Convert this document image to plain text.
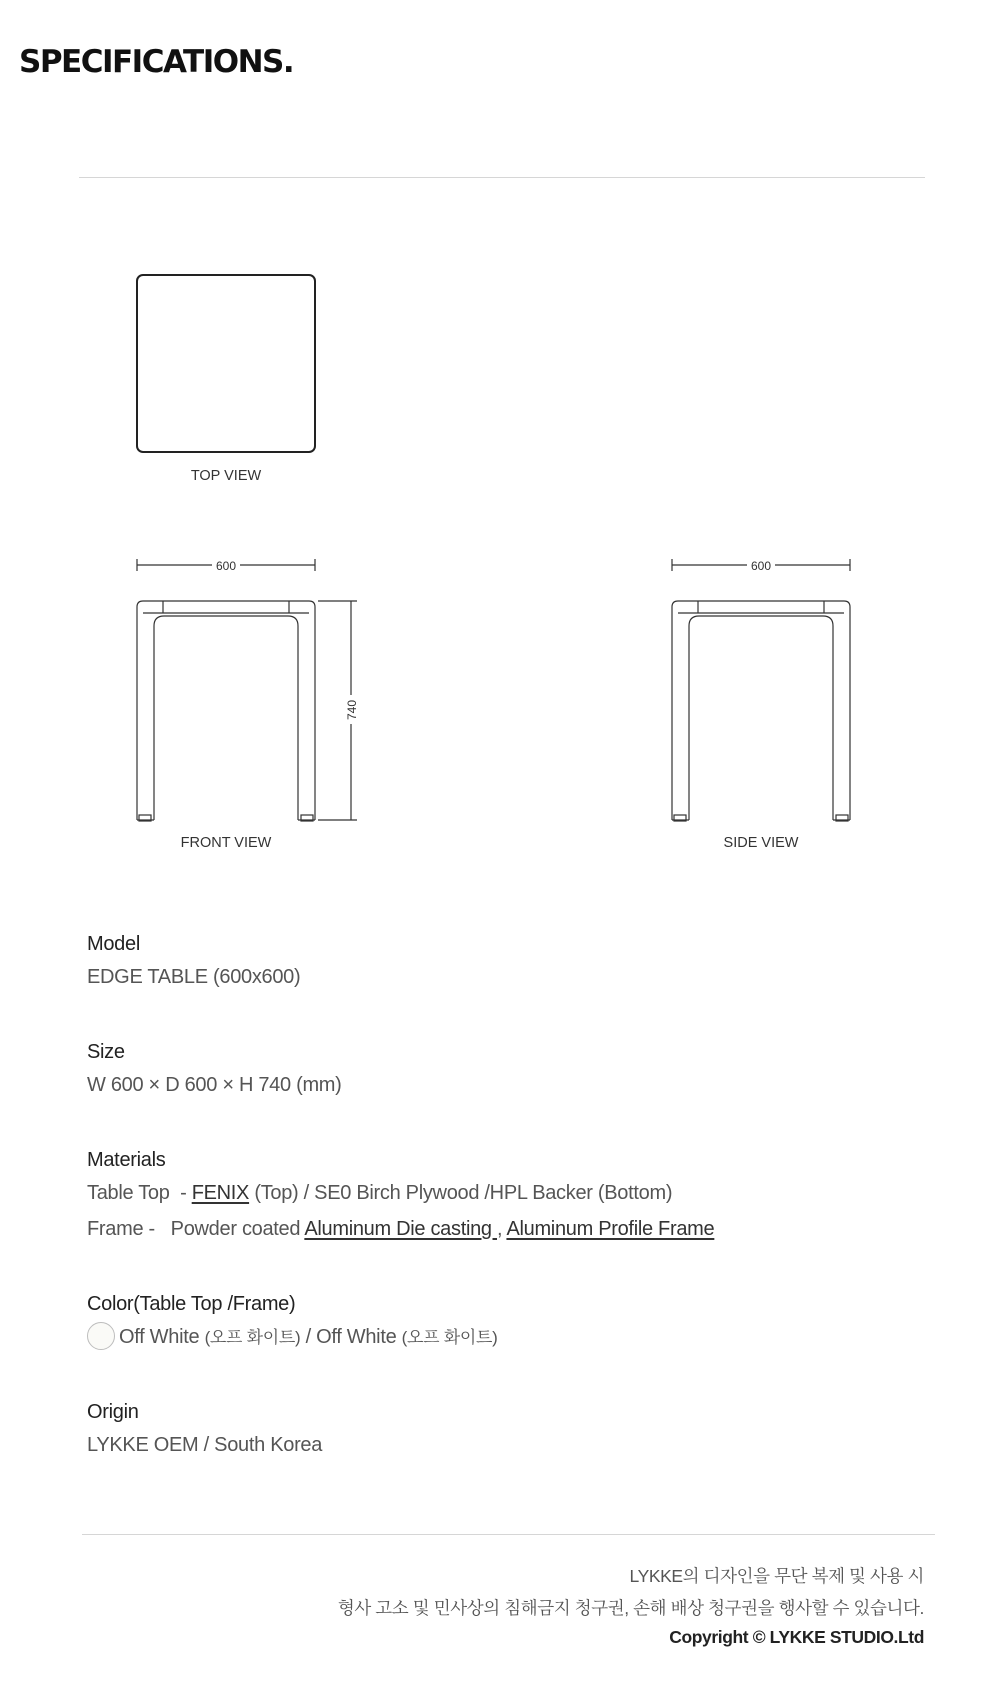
SPECIFICATIONS.
TOP VIEW
600
740
FRONT VIEW
600
SIDE VIEW
Model
EDGE TABLE (600x600)
Size
W 600 × D 600 × H 740 (mm)
Materials
Table Top  - FENIX (Top) / SE0 Birch Plywood /HPL Backer (Bottom)
Frame -   Powder coated Aluminum Die casting , Aluminum Profile Frame
Color(Table Top /Frame)
Off White (오프 화이트) / Off White (오프 화이트)
Origin
LYKKE OEM / South Korea
LYKKE의 디자인을 무단 복제 및 사용 시
형사 고소 및 민사상의 침해금지 청구권, 손해 배상 청구권을 행사할 수 있습니다.
Copyright © LYKKE STUDIO.Ltd
